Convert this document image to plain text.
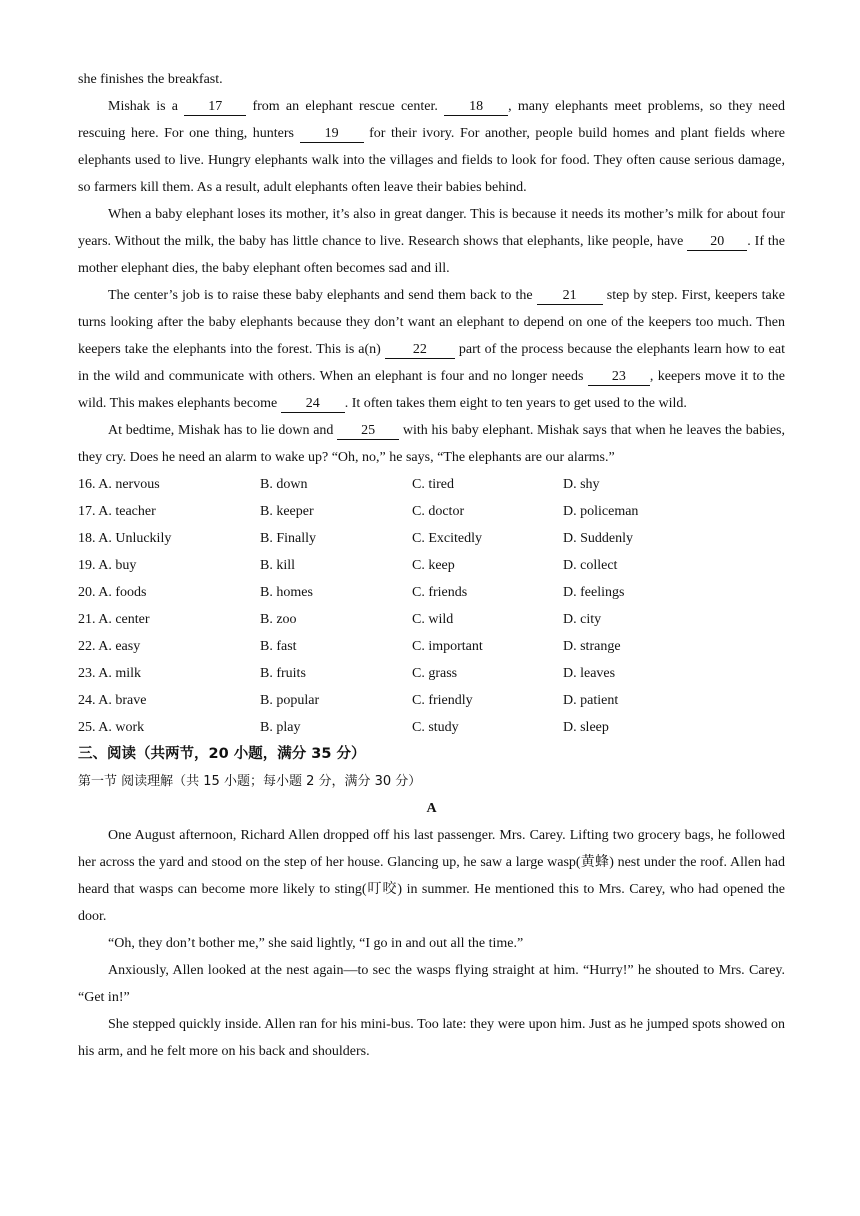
she finishes the breakfast.

Mishak is a 17 from an elephant rescue center. 18 , many elephants meet problems, so they need rescuing here. For one thing, hunters 19 for their ivory. For another, people build homes and plant fields where elephants used to live. Hungry elephants walk into the villages and fields to look for food. They often cause serious damage, so farmers kill them. As a result, adult elephants often leave their babies behind.

When a baby elephant loses its mother, it’s also in great danger. This is because it needs its mother’s milk for about four years. Without the milk, the baby has little chance to live. Research shows that elephants, like people, have 20 . If the mother elephant dies, the baby elephant often becomes sad and ill.

The center’s job is to raise these baby elephants and send them back to the 21 step by step. First, keepers take turns looking after the baby elephants because they don’t want an elephant to depend on one of the keepers too much. Then keepers take the elephants into the forest. This is a(n) 22 part of the process because the elephants learn how to eat in the wild and communicate with others. When an elephant is four and no longer needs 23 , keepers move it to the wild. This makes elephants become 24 . It often takes them eight to ten years to get used to the wild.

At bedtime, Mishak has to lie down and 25 with his baby elephant. Mishak says that when he leaves the babies, they cry. Does he need an alarm to wake up? “Oh, no,” he says, “The elephants are our alarms.”

16. A. nervous	B. down	C. tired	D. shy
17. A. teacher	B. keeper	C. doctor	D. policeman
18. A. Unluckily	B. Finally	C. Excitedly	D. Suddenly
19. A. buy	B. kill	C. keep	D. collect
20. A. foods	B. homes	C. friends	D. feelings
21. A. center	B. zoo	C. wild	D. city
22. A. easy	B. fast	C. important	D. strange
23. A. milk	B. fruits	C. grass	D. leaves
24. A. brave	B. popular	C. friendly	D. patient
25. A. work	B. play	C. study	D. sleep

三、阅读（共两节，20 小题，满分 35 分）

第一节 阅读理解（共 15 小题；每小题 2 分，满分 30 分）

A

One August afternoon, Richard Allen dropped off his last passenger. Mrs. Carey. Lifting two grocery bags, he followed her across the yard and stood on the step of her house. Glancing up, he saw a large wasp(黄蜂) nest under the roof. Allen had heard that wasps can become more likely to sting(叮咬) in summer. He mentioned this to Mrs. Carey, who had opened the door.

“Oh, they don’t bother me,” she said lightly, “I go in and out all the time.”

Anxiously, Allen looked at the nest again—to sec the wasps flying straight at him. “Hurry!” he shouted to Mrs. Carey. “Get in!”

She stepped quickly inside. Allen ran for his mini-bus. Too late: they were upon him. Just as he jumped spots showed on his arm, and he felt more on his back and shoulders.
